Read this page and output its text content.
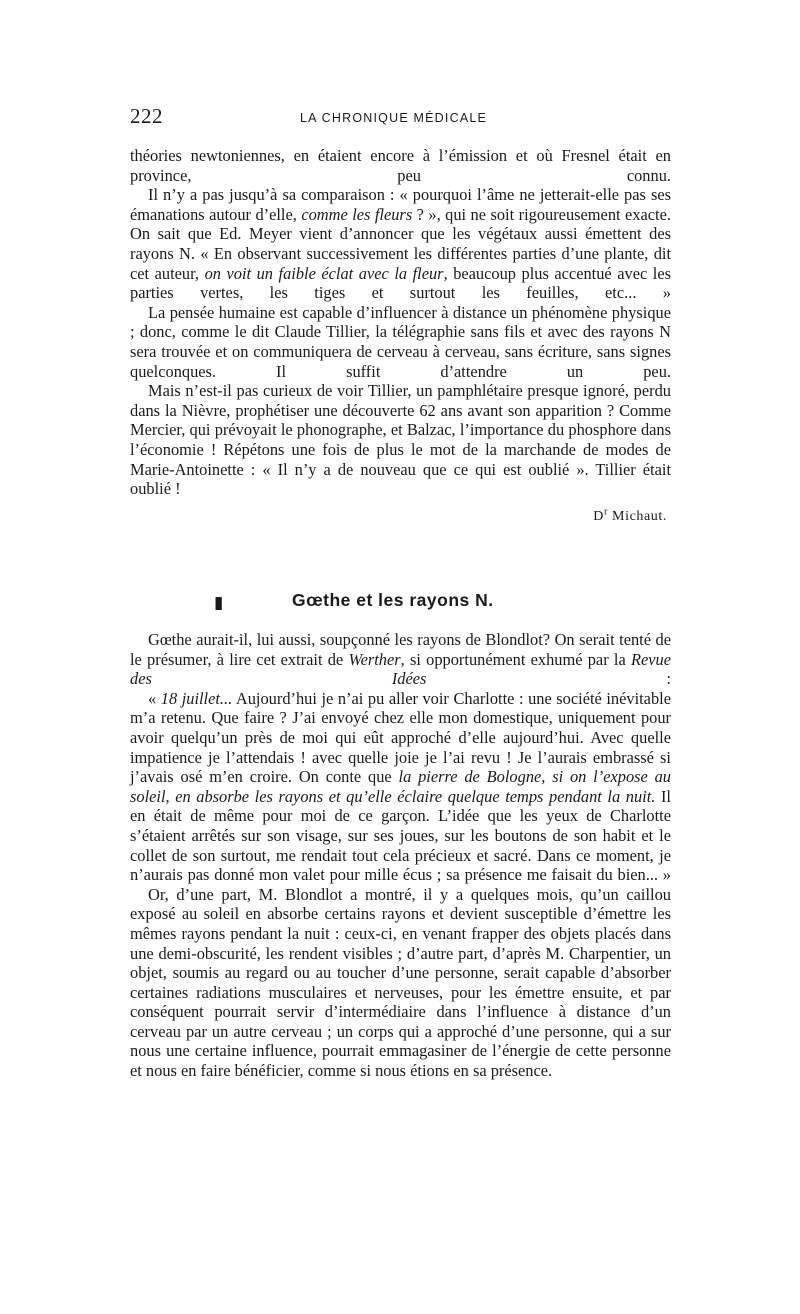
222	LA CHRONIQUE MÉDICALE

théories newtoniennes, en étaient encore à l’émission et où Fresnel était en province, peu connu.

Il n’y a pas jusqu’à sa comparaison : « pourquoi l’âme ne jetterait-elle pas ses émanations autour d’elle, comme les fleurs ? », qui ne soit rigoureusement exacte. On sait que Ed. Meyer vient d’annoncer que les végétaux aussi émettent des rayons N. « En observant successivement les différentes parties d’une plante, dit cet auteur, on voit un faible éclat avec la fleur, beaucoup plus accentué avec les parties vertes, les tiges et surtout les feuilles, etc... »

La pensée humaine est capable d’influencer à distance un phénomène physique ; donc, comme le dit Claude Tillier, la télégraphie sans fils et avec des rayons N sera trouvée et on communiquera de cerveau à cerveau, sans écriture, sans signes quelconques. Il suffit d’attendre un peu.

Mais n’est-il pas curieux de voir Tillier, un pamphlétaire presque ignoré, perdu dans la Nièvre, prophétiser une découverte 62 ans avant son apparition ? Comme Mercier, qui prévoyait le phonographe, et Balzac, l’importance du phosphore dans l’économie ! Répétons une fois de plus le mot de la marchande de modes de Marie-Antoinette : « Il n’y a de nouveau que ce qui est oublié ». Tillier était oublié !

$D^r$ Michaut.
▮	Gœthe et les rayons N.

Gœthe aurait-il, lui aussi, soupçonné les rayons de Blondlot? On serait tenté de le présumer, à lire cet extrait de Werther, si opportunément exhumé par la Revue des Idées :

« 18 juillet... Aujourd’hui je n’ai pu aller voir Charlotte : une société inévitable m’a retenu. Que faire ? J’ai envoyé chez elle mon domestique, uniquement pour avoir quelqu’un près de moi qui eût approché d’elle aujourd’hui. Avec quelle impatience je l’attendais ! avec quelle joie je l’ai revu ! Je l’aurais embrassé si j’avais osé m’en croire. On conte que la pierre de Bologne, si on l’expose au soleil, en absorbe les rayons et qu’elle éclaire quelque temps pendant la nuit. Il en était de même pour moi de ce garçon. L’idée que les yeux de Charlotte s’étaient arrêtés sur son visage, sur ses joues, sur les boutons de son habit et le collet de son surtout, me rendait tout cela précieux et sacré. Dans ce moment, je n’aurais pas donné mon valet pour mille écus ; sa présence me faisait du bien... »

Or, d’une part, M. Blondlot a montré, il y a quelques mois, qu’un caillou exposé au soleil en absorbe certains rayons et devient susceptible d’émettre les mêmes rayons pendant la nuit : ceux-ci, en venant frapper des objets placés dans une demi-obscurité, les rendent visibles ; d’autre part, d’après M. Charpentier, un objet, soumis au regard ou au toucher d’une personne, serait capable d’absorber certaines radiations musculaires et nerveuses, pour les émettre ensuite, et par conséquent pourrait servir d’intermédiaire dans l’influence à distance d’un cerveau par un autre cerveau ; un corps qui a approché d’une personne, qui a sur nous une certaine influence, pourrait emmagasiner de l’énergie de cette personne et nous en faire bénéficier, comme si nous étions en sa présence.
